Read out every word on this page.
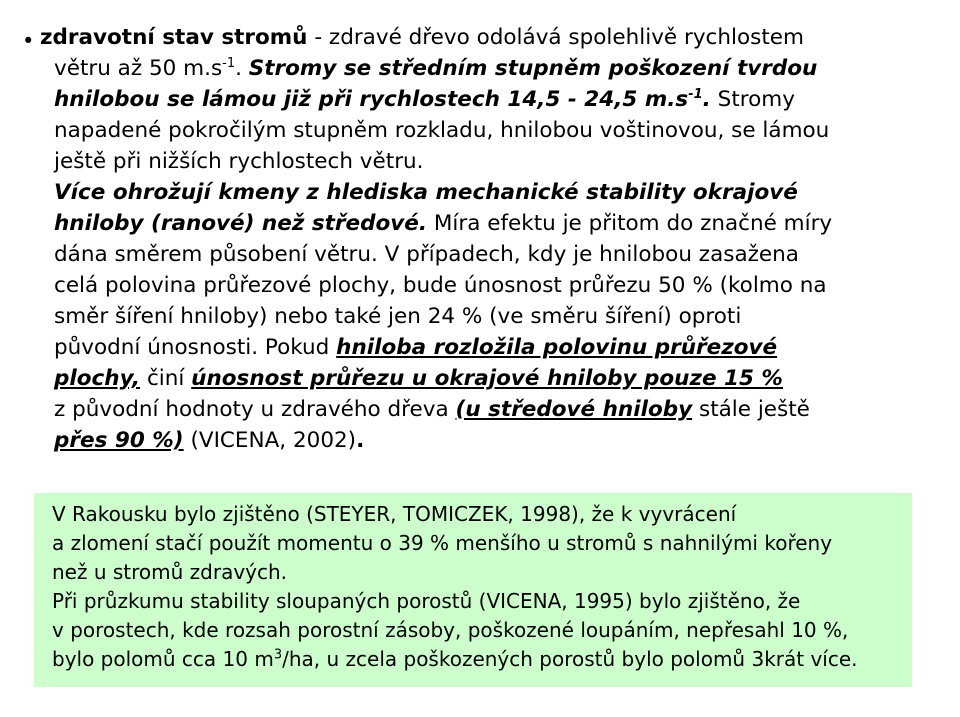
• zdravotní stav stromů - zdravé dřevo odolává spolehlivě rychlostem
větru až 50 $m.s^{-1}$. Stromy se středním stupněm poškození tvrdou
hnilobou se lámou již při rychlostech 14,5 - 24,5 $m.s^{-1}$. Stromy
napadené pokročilým stupněm rozkladu, hnilobou voštinovou, se lámou
ještě při nižších rychlostech větru.
Více ohrožují kmeny z hlediska mechanické stability okrajové
hniloby (ranové) než středové. Míra efektu je přitom do značné míry
dána směrem působení větru. V případech, kdy je hnilobou zasažena
celá polovina průřezové plochy, bude únosnost průřezu 50 % (kolmo na
směr šíření hniloby) nebo také jen 24 % (ve směru šíření) oproti
původní únosnosti. Pokud hniloba rozložila polovinu průřezové
plochy, činí únosnost průřezu u okrajové hniloby pouze 15 %
z původní hodnoty u zdravého dřeva (u středové hniloby stále ještě
přes 90 %) (VICENA, 2002).
V Rakousku bylo zjištěno (STEYER, TOMICZEK, 1998), že k vyvrácení
a zlomení stačí použít momentu o 39 % menšího u stromů s nahnilými kořeny
než u stromů zdravých.
Při průzkumu stability sloupaných porostů (VICENA, 1995) bylo zjištěno, že
v porostech, kde rozsah porostní zásoby, poškozené loupáním, nepřesahl 10 %,
bylo polomů cca 10 $m^3/ha$, u zcela poškozených porostů bylo polomů 3krát více.
